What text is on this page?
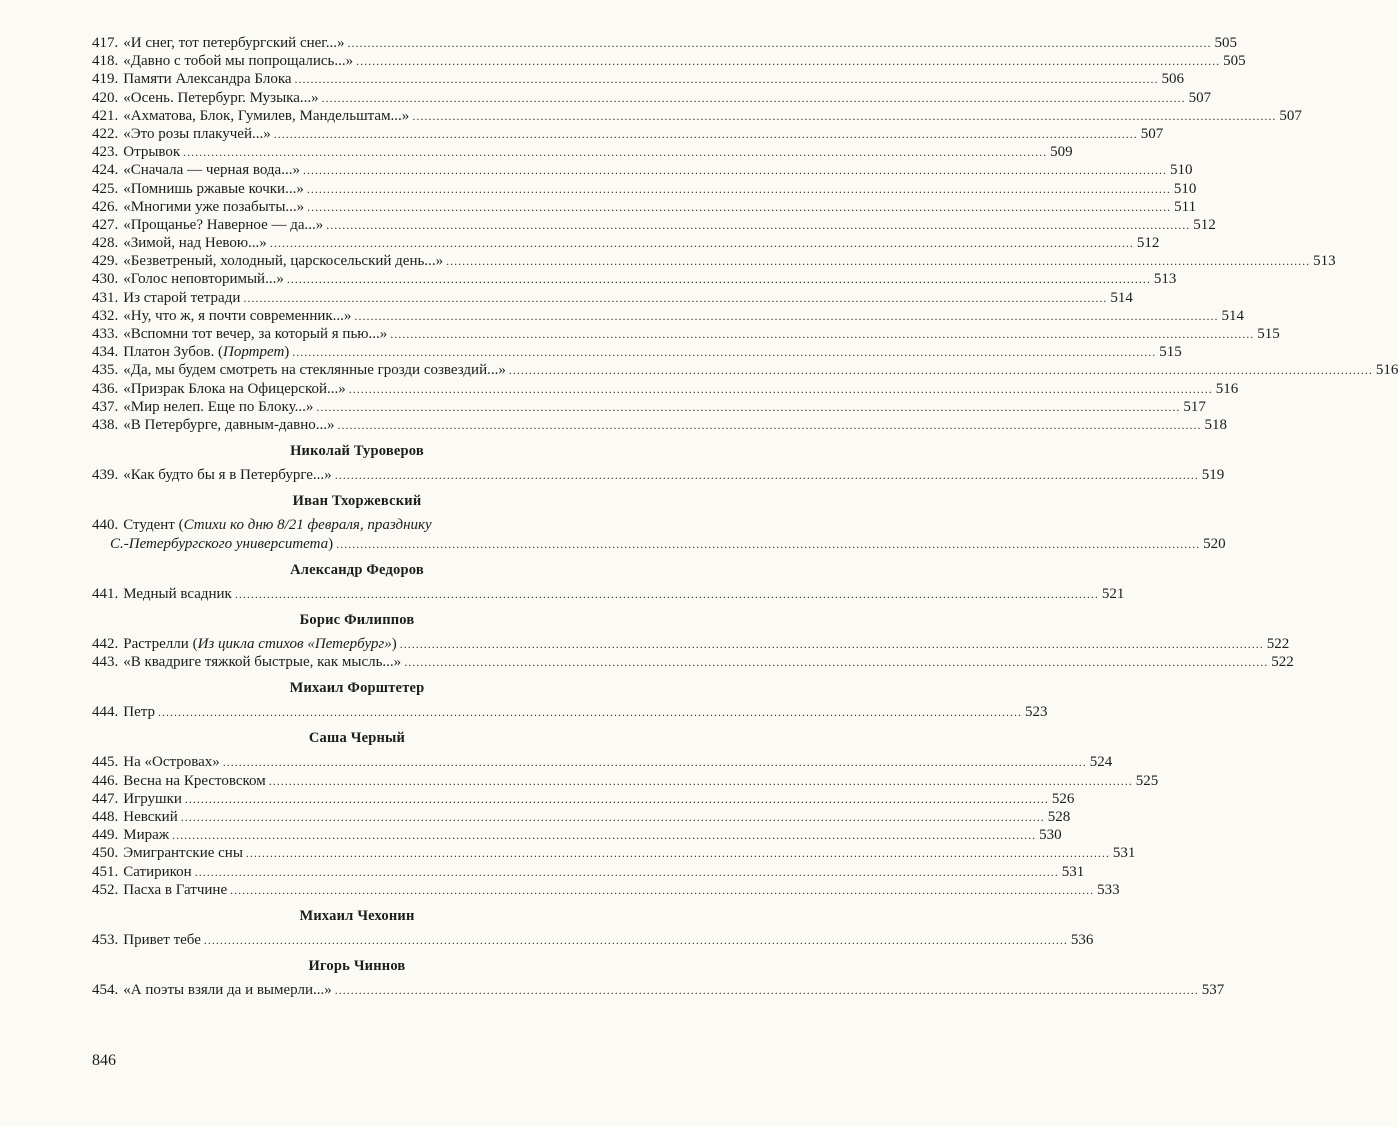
417. «И снег, тот петербургский снег...» .....	505
418. «Давно с тобой мы попрощались...» .....	505
419. Памяти Александра Блока .....	506
420. «Осень. Петербург. Музыка...» .....	507
421. «Ахматова, Блок, Гумилев, Мандельштам...» .....	507
422. «Это розы плакучей...» .....	507
423. Отрывок .....	509
424. «Сначала — черная вода...» .....	510
425. «Помнишь ржавые кочки...» .....	510
426. «Многими уже позабыты...» .....	511
427. «Прощанье? Наверное — да...» .....	512
428. «Зимой, над Невою...» .....	512
429. «Безветреный, холодный, царскосельский день...» .....	513
430. «Голос неповторимый...» .....	513
431. Из старой тетради .....	514
432. «Ну, что ж, я почти современник...» .....	514
433. «Вспомни тот вечер, за который я пью...» .....	515
434. Платон Зубов. (Портрет) .....	515
435. «Да, мы будем смотреть на стеклянные грозди созвездий...» .....	516
436. «Призрак Блока на Офицерской...» .....	516
437. «Мир нелеп. Еще по Блоку...» .....	517
438. «В Петербурге, давным-давно...» .....	518
Николай Туроверов
439. «Как будто бы я в Петербурге...» .....	519
Иван Тхоржевский
440. Студент (Стихи ко дню 8/21 февраля, празднику
С.-Петербургского университета) .....	520
Александр Федоров
441. Медный всадник .....	521
Борис Филиппов
442. Растрелли (Из цикла стихов «Петербург») .....	522
443. «В квадриге тяжкой быстрые, как мысль...» .....	522
Михаил Форштетер
444. Петр .....	523
Саша Черный
445. На «Островах» .....	524
446. Весна на Крестовском .....	525
447. Игрушки .....	526
448. Невский .....	528
449. Мираж .....	530
450. Эмигрантские сны .....	531
451. Сатирикон .....	531
452. Пасха в Гатчине .....	533
Михаил Чехонин
453. Привет тебе .....	536
Игорь Чиннов
454. «А поэты взяли да и вымерли...» .....	537
846
